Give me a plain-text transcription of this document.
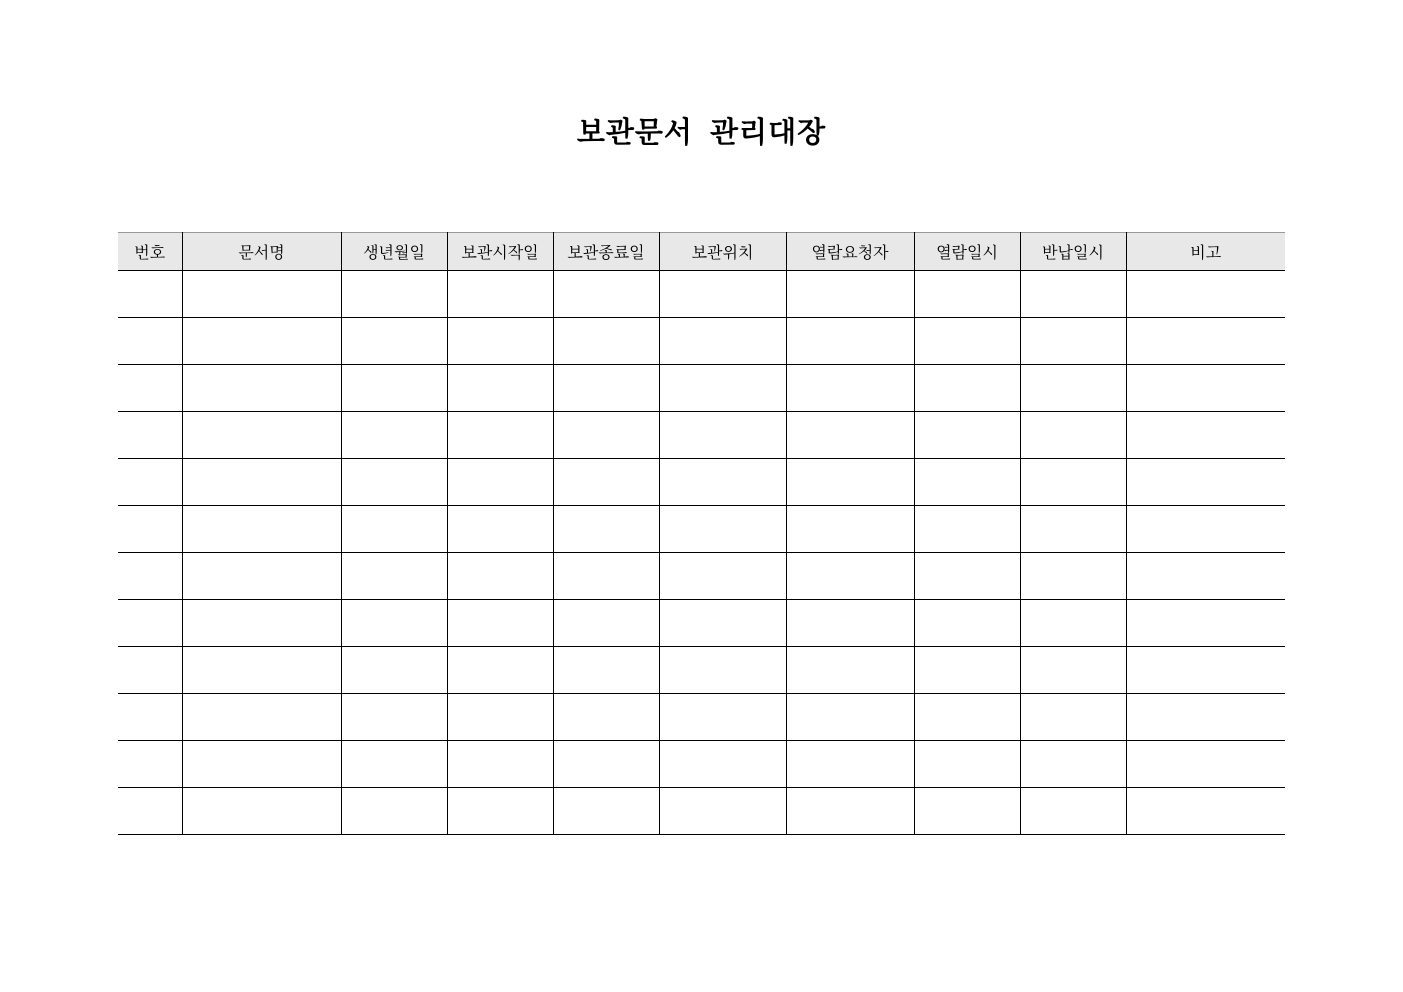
보관문서 관리대장
번호	문서명	생년월일	보관시작일	보관종료일	보관위치	열람요청자	열람일시	반납일시	비고
